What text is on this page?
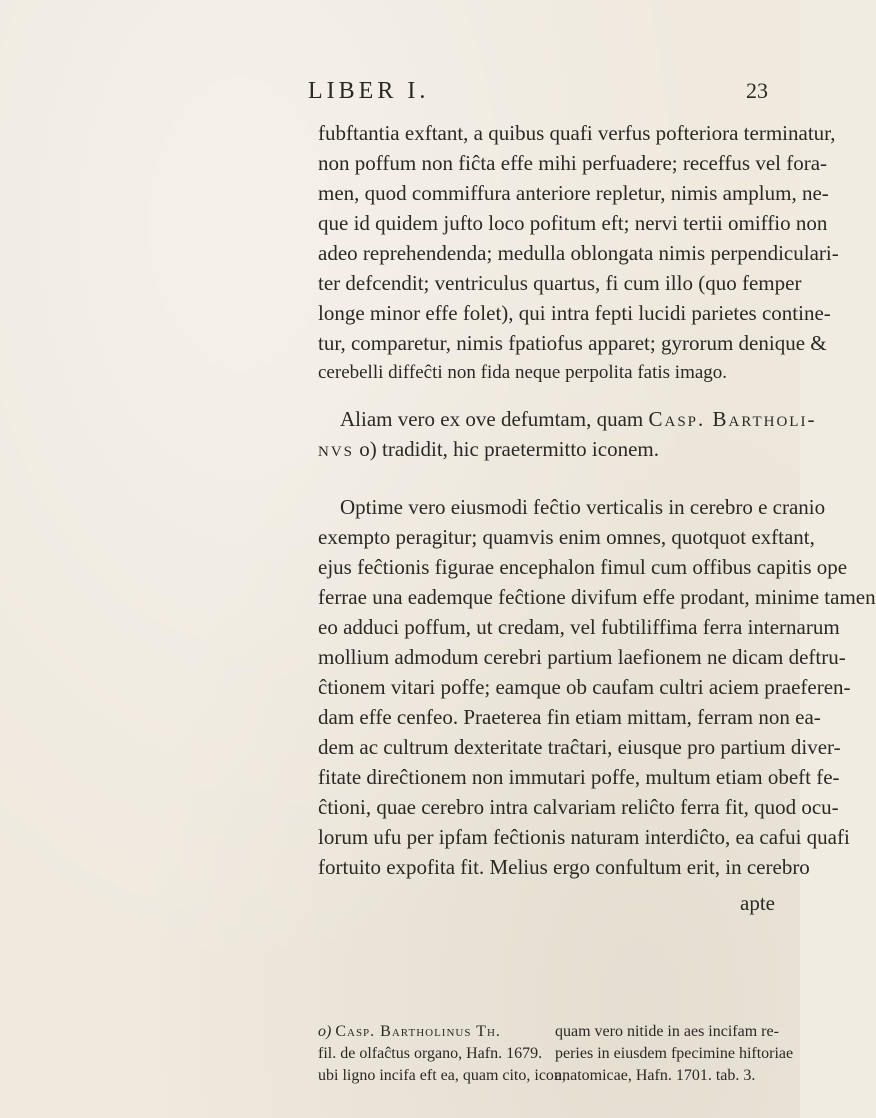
LIBER I.	23
fubftantia exftant, a quibus quafi verfus pofteriora terminatur,
non poffum non fiĉta effe mihi perfuadere; receffus vel fora-
men, quod commiffura anteriore repletur, nimis amplum, ne-
que id quidem jufto loco pofitum eft; nervi tertii omiffio non
adeo reprehendenda; medulla oblongata nimis perpendiculari-
ter defcendit; ventriculus quartus, fi cum illo (quo femper
longe minor effe folet), qui intra fepti lucidi parietes contine-
tur, comparetur, nimis fpatiofus apparet; gyrorum denique &
cerebelli diffeĉti non fida neque perpolita fatis imago.
Aliam vero ex ove defumtam, quam Casp. Bartholi-
nvs o) tradidit, hic praetermitto iconem.
Optime vero eiusmodi feĉtio verticalis in cerebro e cranio
exempto peragitur; quamvis enim omnes, quotquot exftant,
ejus feĉtionis figurae encephalon fimul cum offibus capitis ope
ferrae una eademque feĉtione divifum effe prodant, minime tamen
eo adduci poffum, ut credam, vel fubtiliffima ferra internarum
mollium admodum cerebri partium laefionem ne dicam deftru-
ĉtionem vitari poffe; eamque ob caufam cultri aciem praeferen-
dam effe cenfeo. Praeterea fin etiam mittam, ferram non ea-
dem ac cultrum dexteritate traĉtari, eiusque pro partium diver-
fitate direĉtionem non immutari poffe, multum etiam obeft fe-
ĉtioni, quae cerebro intra calvariam reliĉto ferra fit, quod ocu-
lorum ufu per ipfam feĉtionis naturam interdiĉto, ea cafui quafi
fortuito expofita fit. Melius ergo confultum erit, in cerebro
apte
o) Casp. Bartholinus Th.
fil. de olfaĉtus organo, Hafn. 1679.
ubi ligno incifa eft ea, quam cito, icon,
quam vero nitide in aes incifam re-
peries in eiusdem fpecimine hiftoriae
anatomicae, Hafn. 1701. tab. 3.
